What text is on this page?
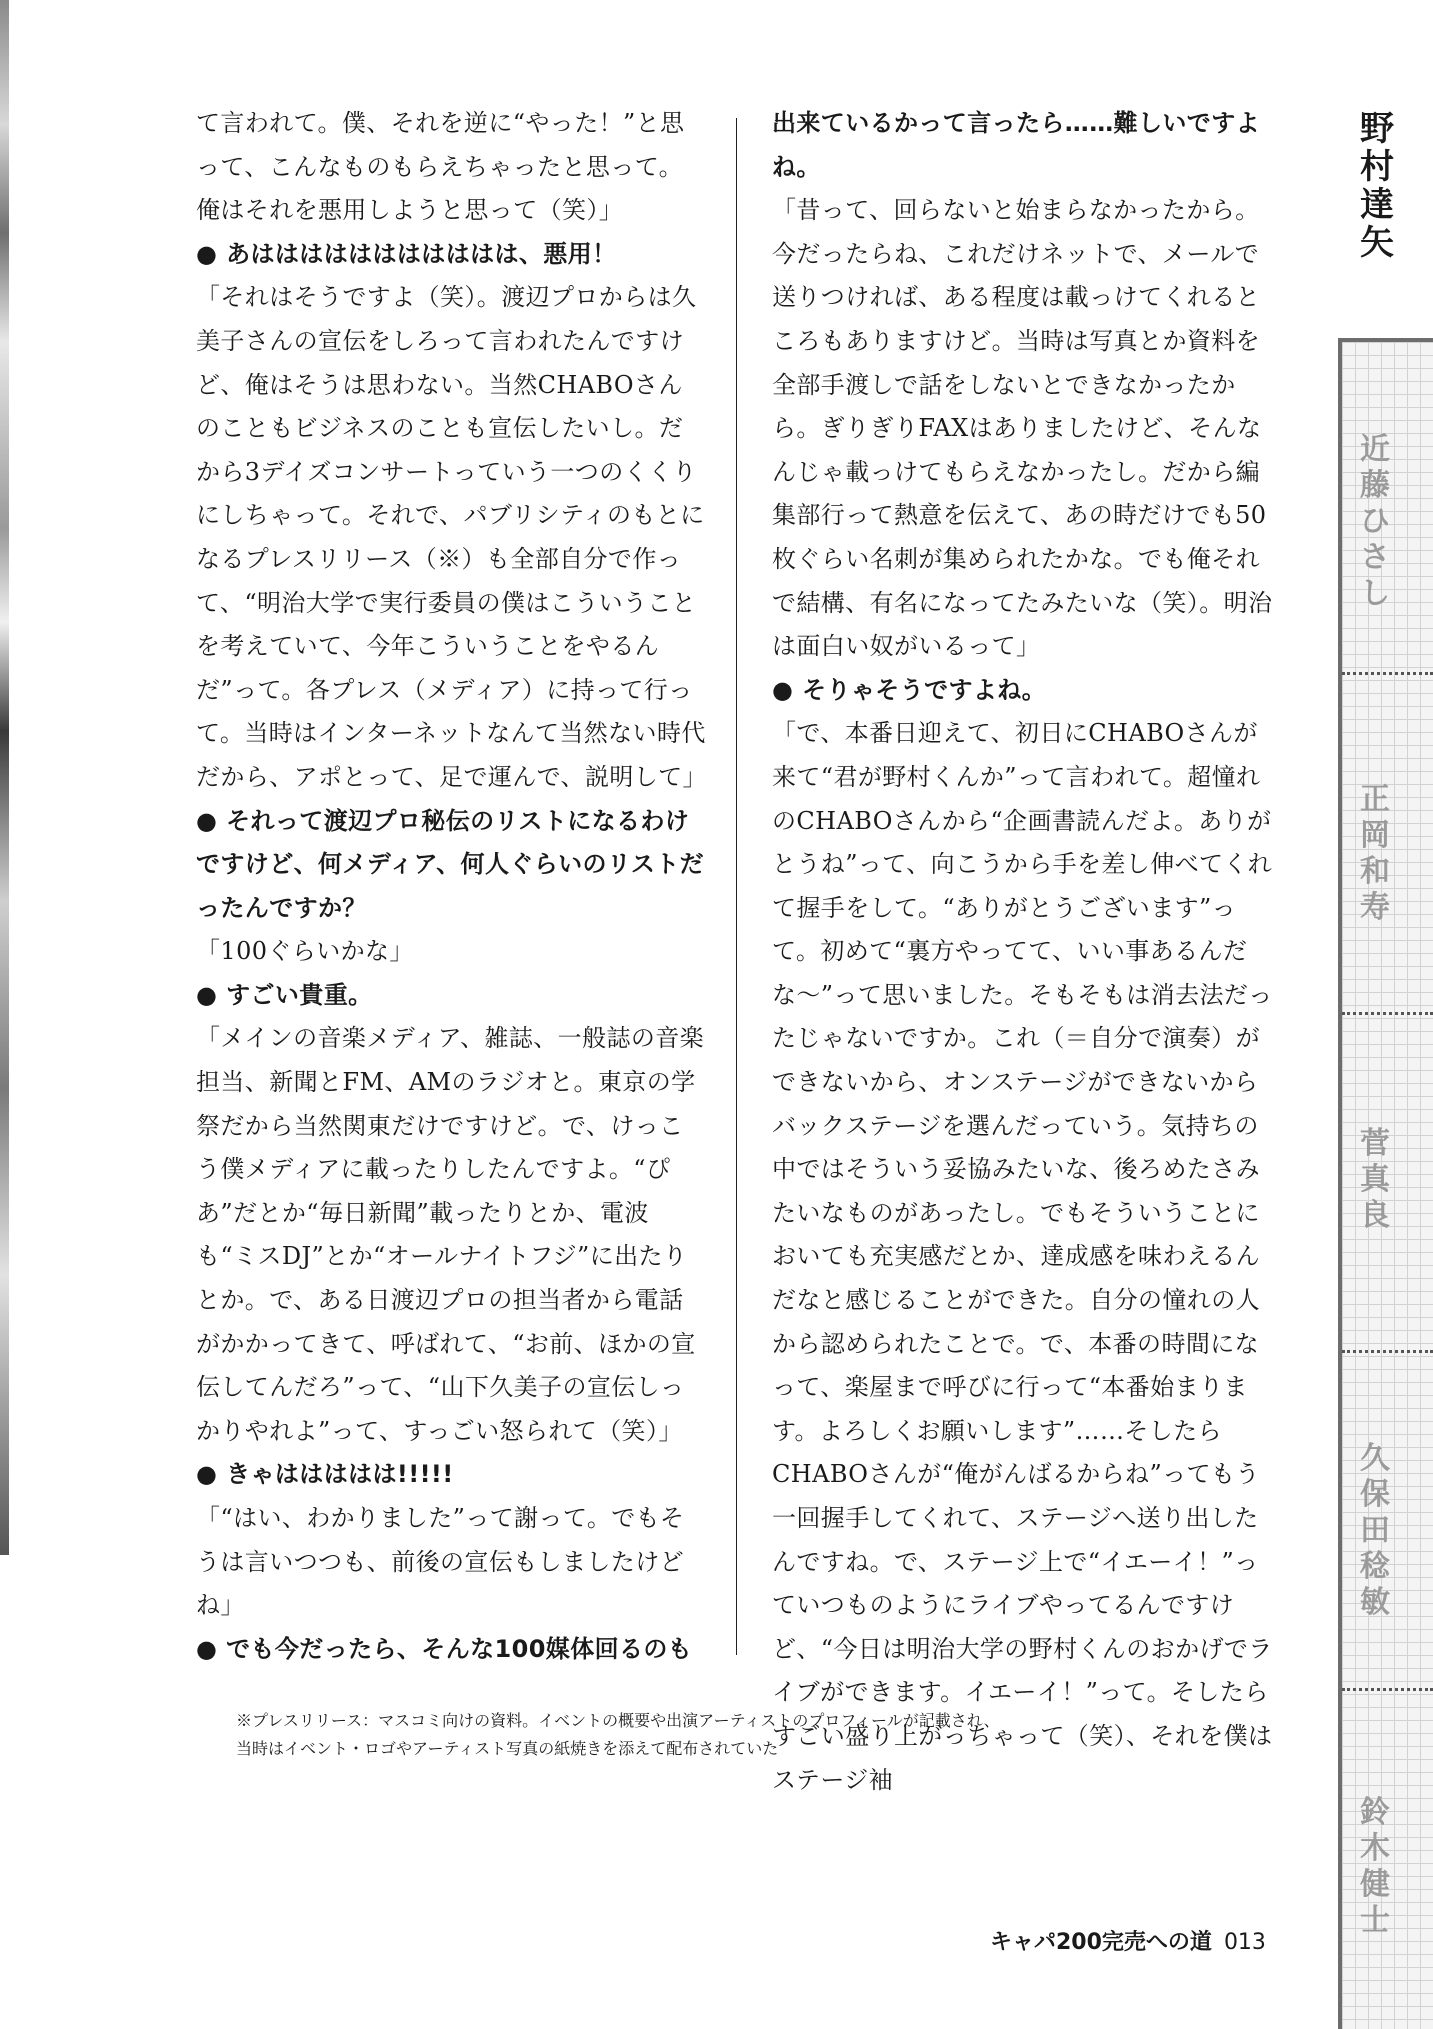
て言われて。僕、それを逆に“やった！”と思って、こんなものもらえちゃったと思って。俺はそれを悪用しようと思って（笑）」

● あははははははははははは、悪用！

「それはそうですよ（笑）。渡辺プロからは久美子さんの宣伝をしろって言われたんですけど、俺はそうは思わない。当然CHABOさんのこともビジネスのことも宣伝したいし。だから3デイズコンサートっていう一つのくくりにしちゃって。それで、パブリシティのもとになるプレスリリース（※）も全部自分で作って、“明治大学で実行委員の僕はこういうことを考えていて、今年こういうことをやるんだ”って。各プレス（メディア）に持って行って。当時はインターネットなんて当然ない時代だから、アポとって、足で運んで、説明して」

● それって渡辺プロ秘伝のリストになるわけですけど、何メディア、何人ぐらいのリストだったんですか？

「100ぐらいかな」

● すごい貴重。

「メインの音楽メディア、雑誌、一般誌の音楽担当、新聞とFM、AMのラジオと。東京の学祭だから当然関東だけですけど。で、けっこう僕メディアに載ったりしたんですよ。“ぴあ”だとか“毎日新聞”載ったりとか、電波も“ミスDJ”とか“オールナイトフジ”に出たりとか。で、ある日渡辺プロの担当者から電話がかかってきて、呼ばれて、“お前、ほかの宣伝してんだろ”って、“山下久美子の宣伝しっかりやれよ”って、すっごい怒られて（笑）」

● きゃははははは!!!!!

「“はい、わかりました”って謝って。でもそうは言いつつも、前後の宣伝もしましたけどね」

● でも今だったら、そんな100媒体回るのも

出来ているかって言ったら……難しいですよね。

「昔って、回らないと始まらなかったから。今だったらね、これだけネットで、メールで送りつければ、ある程度は載っけてくれるところもありますけど。当時は写真とか資料を全部手渡しで話をしないとできなかったから。ぎりぎりFAXはありましたけど、そんなんじゃ載っけてもらえなかったし。だから編集部行って熱意を伝えて、あの時だけでも50枚ぐらい名刺が集められたかな。でも俺それで結構、有名になってたみたいな（笑）。明治は面白い奴がいるって」

● そりゃそうですよね。

「で、本番日迎えて、初日にCHABOさんが来て“君が野村くんか”って言われて。超憧れのCHABOさんから“企画書読んだよ。ありがとうね”って、向こうから手を差し伸べてくれて握手をして。“ありがとうございます”って。初めて“裏方やってて、いい事あるんだな〜”って思いました。そもそもは消去法だったじゃないですか。これ（＝自分で演奏）ができないから、オンステージができないからバックステージを選んだっていう。気持ちの中ではそういう妥協みたいな、後ろめたさみたいなものがあったし。でもそういうことにおいても充実感だとか、達成感を味わえるんだなと感じることができた。自分の憧れの人から認められたことで。で、本番の時間になって、楽屋まで呼びに行って“本番始まります。よろしくお願いします”……そしたらCHABOさんが“俺がんばるからね”ってもう一回握手してくれて、ステージへ送り出したんですね。で、ステージ上で“イエーイ！”っていつものようにライブやってるんですけど、“今日は明治大学の野村くんのおかげでライブができます。イエーイ！”って。そしたらすごい盛り上がっちゃって（笑）、それを僕はステージ袖

※プレスリリース：マスコミ向けの資料。イベントの概要や出演アーティストのプロフィールが記載され、

当時はイベント・ロゴやアーティスト写真の紙焼きを添えて配布されていた

キャパ200完売への道 013
野村達矢
近藤ひさし
正岡和寿
菅 真良
久保田稔敏
鈴木健士
